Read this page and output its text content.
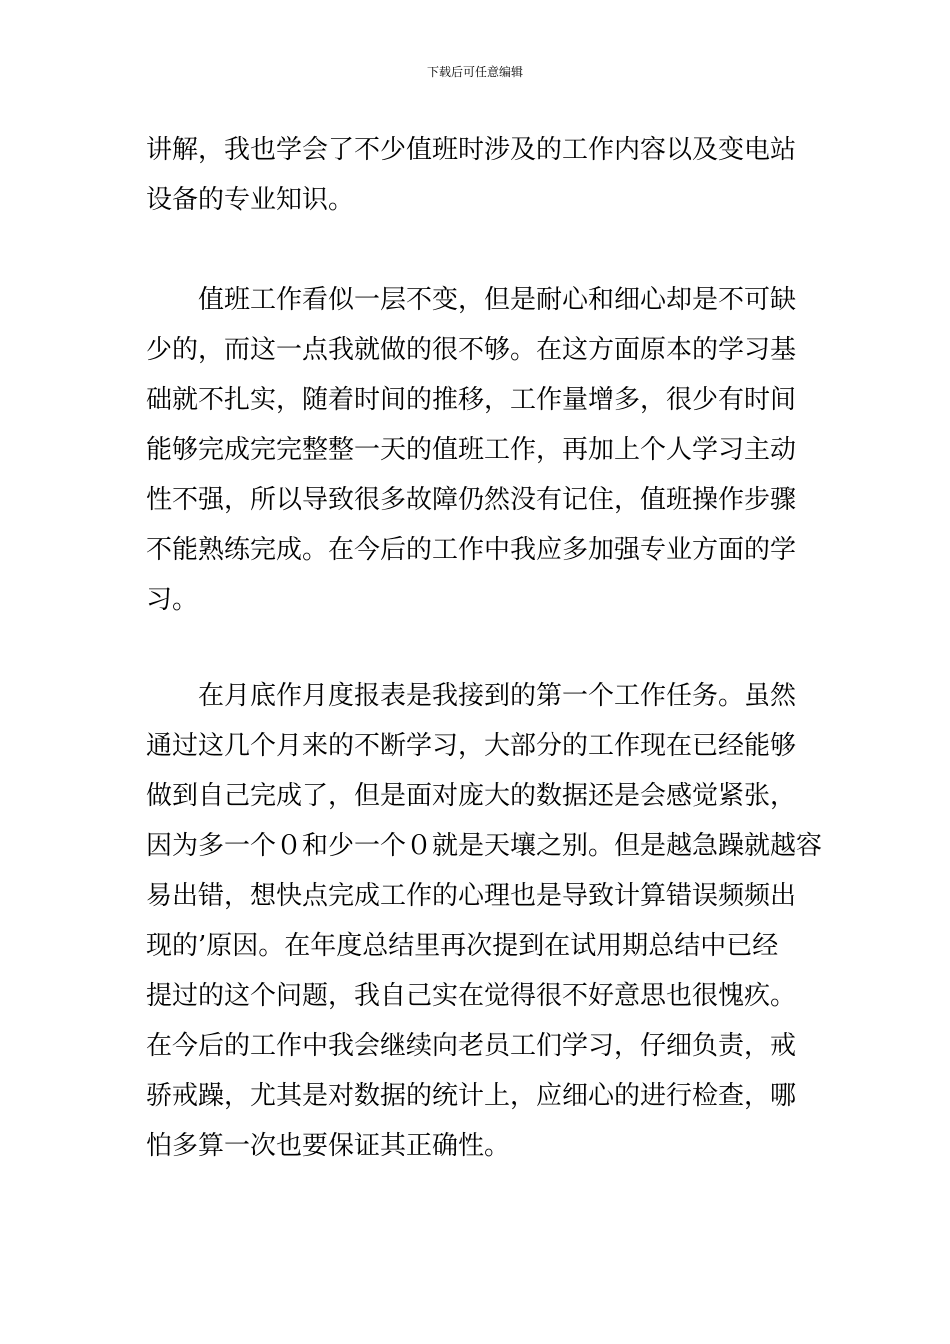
下载后可任意编辑
讲解，我也学会了不少值班时涉及的工作内容以及变电站
设备的专业知识。
值班工作看似一层不变，但是耐心和细心却是不可缺
少的，而这一点我就做的很不够。在这方面原本的学习基
础就不扎实，随着时间的推移，工作量增多，很少有时间
能够完成完完整整一天的值班工作，再加上个人学习主动
性不强，所以导致很多故障仍然没有记住，值班操作步骤
不能熟练完成。在今后的工作中我应多加强专业方面的学
习。
在月底作月度报表是我接到的第一个工作任务。虽然
通过这几个月来的不断学习，大部分的工作现在已经能够
做到自己完成了，但是面对庞大的数据还是会感觉紧张，
因为多一个０和少一个０就是天壤之别。但是越急躁就越容
易出错，想快点完成工作的心理也是导致计算错误频频出
现的’原因。在年度总结里再次提到在试用期总结中已经
提过的这个问题，我自己实在觉得很不好意思也很愧疚。
在今后的工作中我会继续向老员工们学习，仔细负责，戒
骄戒躁，尤其是对数据的统计上，应细心的进行检查，哪
怕多算一次也要保证其正确性。
